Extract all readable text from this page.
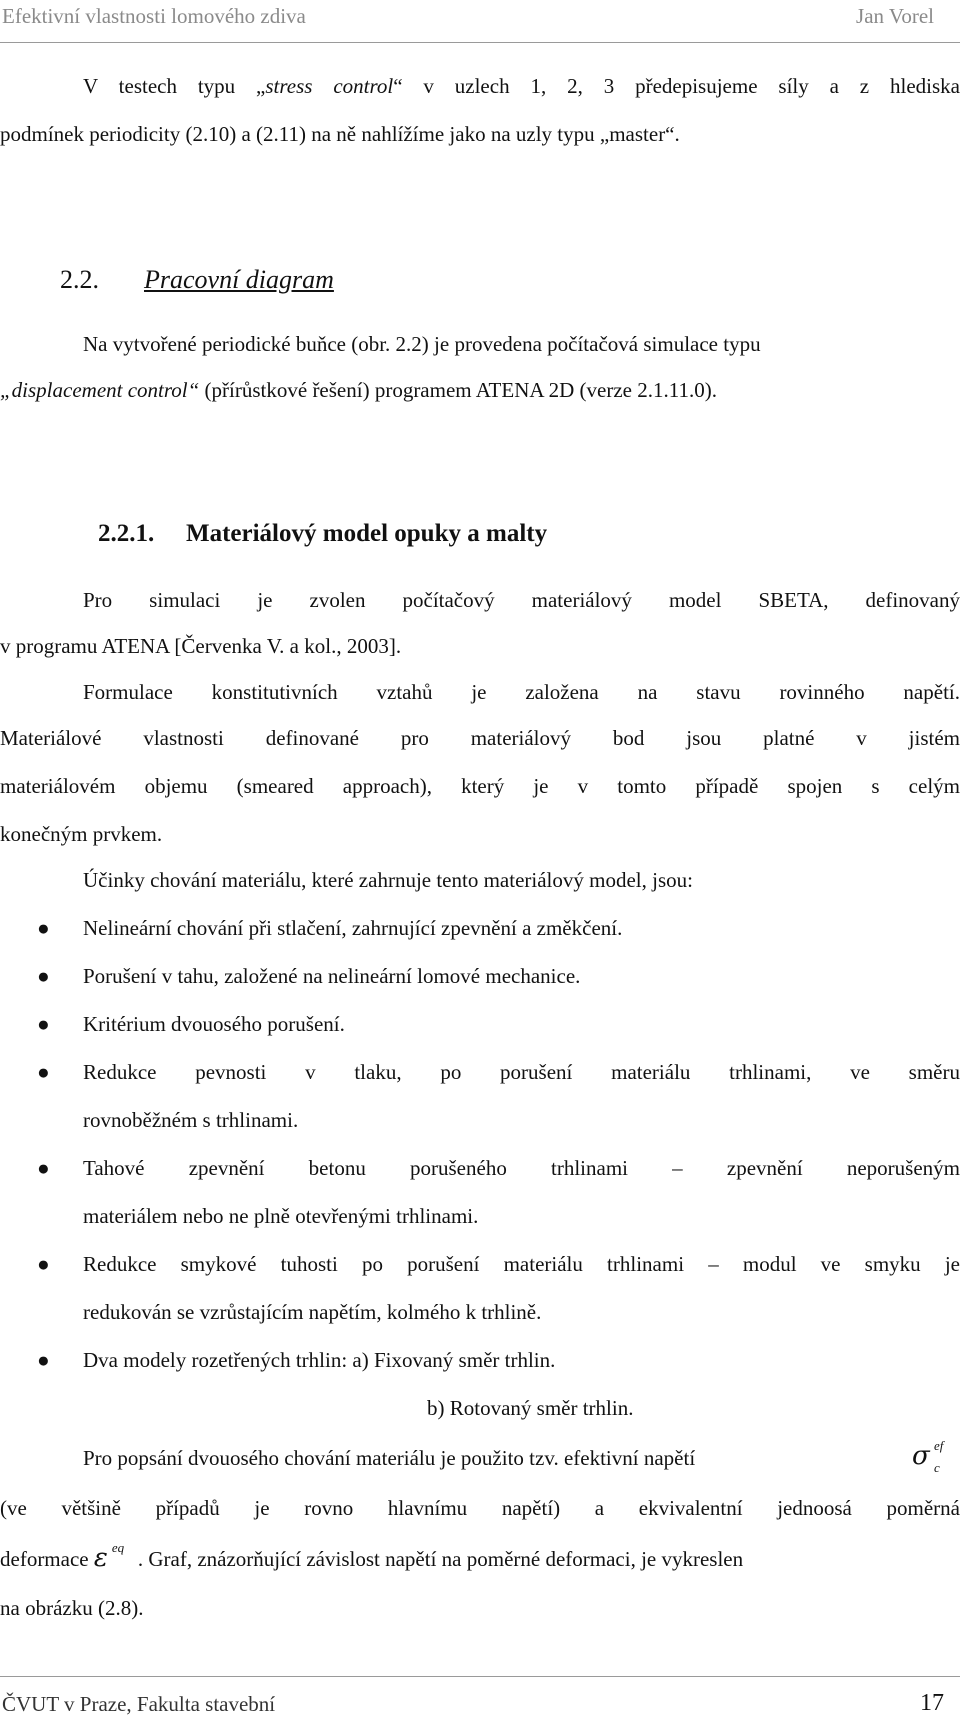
Efektivní vlastnosti lomového zdiva	Jan Vorel
V testech typu „stress control“ v uzlech 1, 2, 3 předepisujeme síly a z hlediska
podmínek periodicity (2.10) a (2.11) na ně nahlížíme jako na uzly typu „master“.
2.2. Pracovní diagram
Na vytvořené periodické buňce (obr. 2.2) je provedena počítačová simulace typu
„displacement control“ (přírůstkové řešení) programem ATENA 2D (verze 2.1.11.0).
2.2.1. Materiálový model opuky a malty
Pro simulaci je zvolen počítačový materiálový model SBETA, definovaný
v programu ATENA [Červenka V. a kol., 2003].
Formulace konstitutivních vztahů je založena na stavu rovinného napětí.
Materiálové vlastnosti definované pro materiálový bod jsou platné v jistém
materiálovém objemu (smeared approach), který je v tomto případě spojen s celým
konečným prvkem.
Účinky chování materiálu, které zahrnuje tento materiálový model, jsou:
● Nelineární chování při stlačení, zahrnující zpevnění a změkčení.
● Porušení v tahu, založené na nelineární lomové mechanice.
● Kritérium dvouosého porušení.
● Redukce pevnosti v tlaku, po porušení materiálu trhlinami, ve směru
rovnoběžném s trhlinami.
● Tahové zpevnění betonu porušeného trhlinami – zpevnění neporušeným
materiálem nebo ne plně otevřenými trhlinami.
● Redukce smykové tuhosti po porušení materiálu trhlinami – modul ve smyku je
redukován se vzrůstajícím napětím, kolmého k trhlině.
● Dva modely rozetřených trhlin: a) Fixovaný směr trhlin.
b) Rotovaný směr trhlin.
Pro popsání dvouosého chování materiálu je použito tzv. efektivní napětí	σ ef
c
(ve většině případů je rovno hlavnímu napětí) a ekvivalentní jednoosá poměrná
deformace ε eq . Graf, znázorňující závislost napětí na poměrné deformaci, je vykreslen
na obrázku (2.8).
ČVUT v Praze, Fakulta stavební	17
